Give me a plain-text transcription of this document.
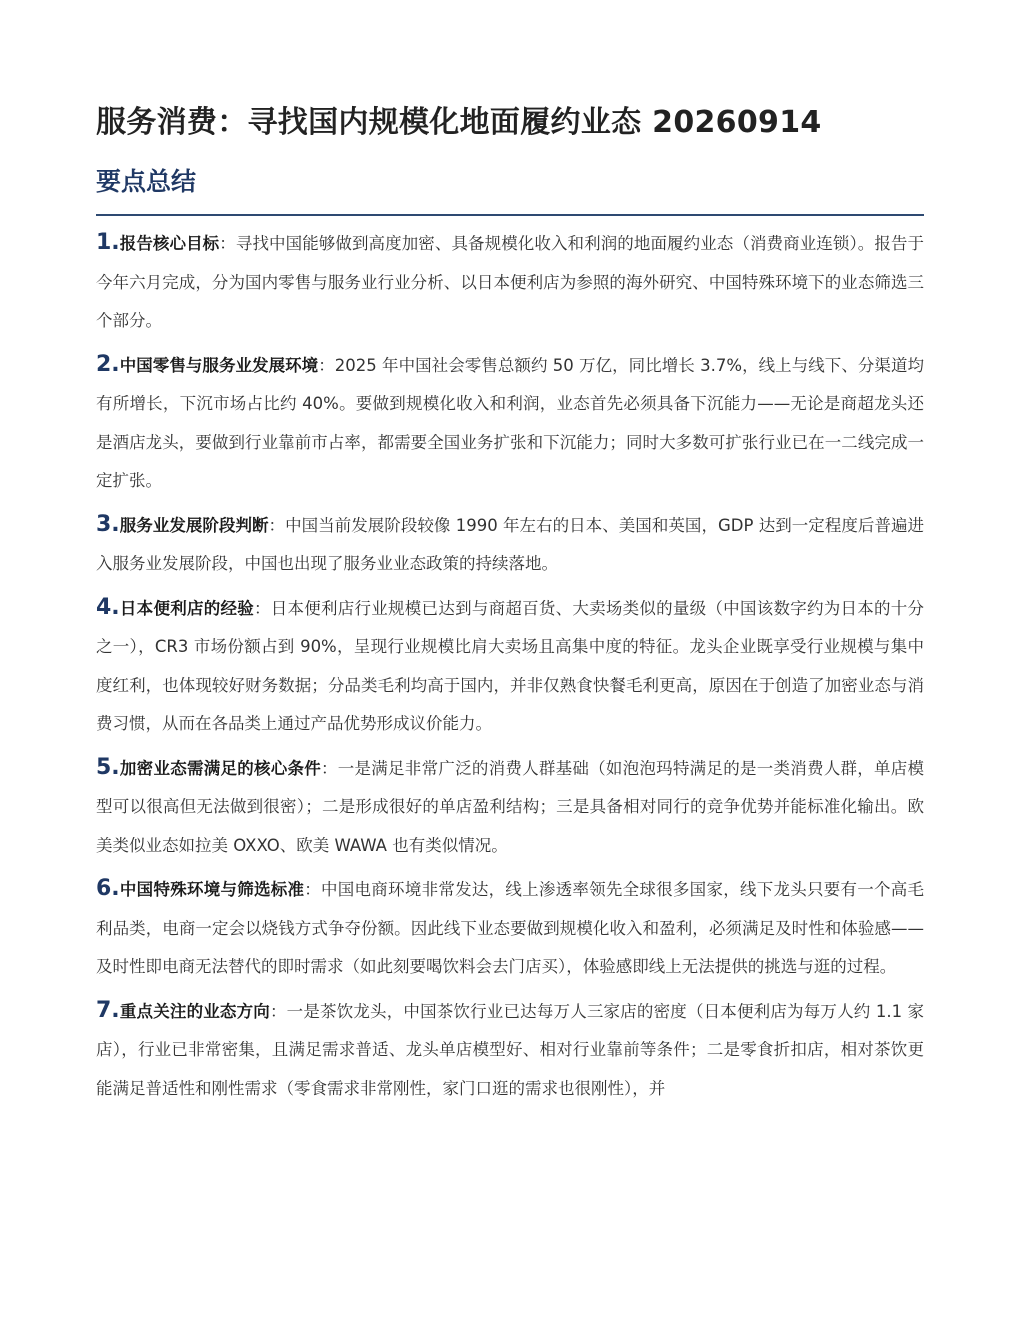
服务消费：寻找国内规模化地面履约业态 20260914
要点总结

1.报告核心目标：寻找中国能够做到高度加密、具备规模化收入和利润的地面履约业态（消费商业连锁）。报告于今年六月完成，分为国内零售与服务业行业分析、以日本便利店为参照的海外研究、中国特殊环境下的业态筛选三个部分。

2.中国零售与服务业发展环境：2025 年中国社会零售总额约 50 万亿，同比增长 3.7%，线上与线下、分渠道均有所增长，下沉市场占比约 40%。要做到规模化收入和利润，业态首先必须具备下沉能力——无论是商超龙头还是酒店龙头，要做到行业靠前市占率，都需要全国业务扩张和下沉能力；同时大多数可扩张行业已在一二线完成一定扩张。

3.服务业发展阶段判断：中国当前发展阶段较像 1990 年左右的日本、美国和英国，GDP 达到一定程度后普遍进入服务业发展阶段，中国也出现了服务业业态政策的持续落地。

4.日本便利店的经验：日本便利店行业规模已达到与商超百货、大卖场类似的量级（中国该数字约为日本的十分之一），CR3 市场份额占到 90%，呈现行业规模比肩大卖场且高集中度的特征。龙头企业既享受行业规模与集中度红利，也体现较好财务数据；分品类毛利均高于国内，并非仅熟食快餐毛利更高，原因在于创造了加密业态与消费习惯，从而在各品类上通过产品优势形成议价能力。

5.加密业态需满足的核心条件：一是满足非常广泛的消费人群基础（如泡泡玛特满足的是一类消费人群，单店模型可以很高但无法做到很密）；二是形成很好的单店盈利结构；三是具备相对同行的竞争优势并能标准化输出。欧美类似业态如拉美 OXXO、欧美 WAWA 也有类似情况。

6.中国特殊环境与筛选标准：中国电商环境非常发达，线上渗透率领先全球很多国家，线下龙头只要有一个高毛利品类，电商一定会以烧钱方式争夺份额。因此线下业态要做到规模化收入和盈利，必须满足及时性和体验感——及时性即电商无法替代的即时需求（如此刻要喝饮料会去门店买），体验感即线上无法提供的挑选与逛的过程。

7.重点关注的业态方向：一是茶饮龙头，中国茶饮行业已达每万人三家店的密度（日本便利店为每万人约 1.1 家店），行业已非常密集，且满足需求普适、龙头单店模型好、相对行业靠前等条件；二是零食折扣店，相对茶饮更能满足普适性和刚性需求（零食需求非常刚性，家门口逛的需求也很刚性），并
